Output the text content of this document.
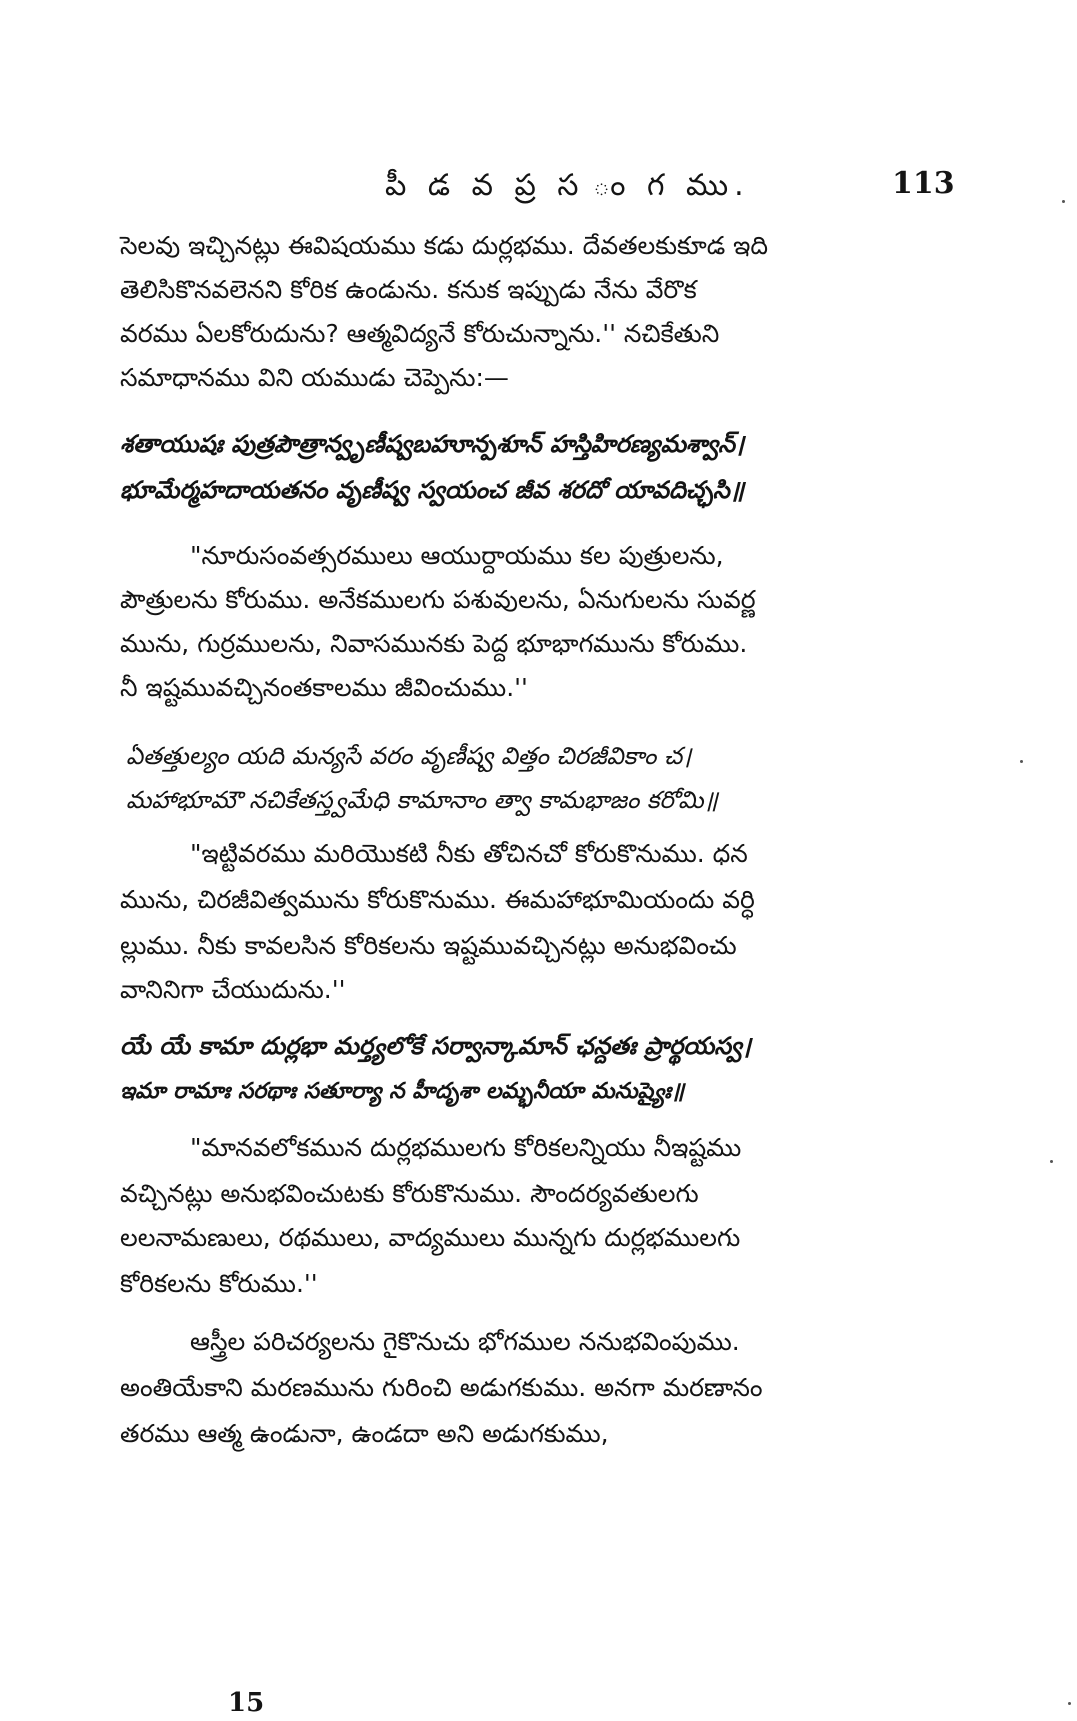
పీ డ వ ప్ర స ం గ ము.	113
సెలవు ఇచ్చినట్లు ఈవిషయము కడు దుర్లభము. దేవతలకుకూడ ఇది
తెలిసికొనవలెనని కోరిక ఉండును. కనుక ఇప్పుడు నేను వేరొక
వరము ఏలకోరుదును? ఆత్మవిద్యనే కోరుచున్నాను.'' నచికేతుని
సమాధానము విని యముడు చెప్పెను:—
శతాయుషః పుత్రపౌత్రాన్వృణీష్వబహూన్పశూన్ హస్తిహిరణ్యమశ్వాన్।
భూమేర్మహదాయతనం వృణీష్వ స్వయంచ జీవ శరదో యావదిచ్ఛసి॥
"నూరుసంవత్సరములు ఆయుర్దాయము కల పుత్రులను,
పౌత్రులను కోరుము. అనేకములగు పశువులను, ఏనుగులను సువర్ణ
మును, గుర్రములను, నివాసమునకు పెద్ద భూభాగమును కోరుము.
నీ ఇష్టమువచ్చినంతకాలము జీవించుము.''
ఏతత్తుల్యం యది మన్యసే వరం వృణీష్వ విత్తం చిరజీవికాం చ।
మహాభూమౌ నచికేతస్త్వమేధి కామానాం త్వా కామభాజం కరోమి॥
"ఇట్టివరము మరియొకటి నీకు తోచినచో కోరుకొనుము. ధన
మును, చిరజీవిత్వమును కోరుకొనుము. ఈమహాభూమియందు వర్ధి
ల్లుము. నీకు కావలసిన కోరికలను ఇష్టమువచ్చినట్లు అనుభవించు
వానినిగా చేయుదును.''
యే యే కామా దుర్లభా మర్త్యలోకే సర్వాన్కామాన్ ఛన్దతః ప్రార్థయస్వ।
ఇమా రామాః సరథాః సతూర్యా న హీదృశా లమ్భనీయా మనుష్యైః॥
"మానవలోకమున దుర్లభములగు కోరికలన్నియు నీఇష్టము
వచ్చినట్లు అనుభవించుటకు కోరుకొనుము. సౌందర్యవతులగు
లలనామణులు, రథములు, వాద్యములు మున్నగు దుర్లభములగు
కోరికలను కోరుము.''
ఆస్త్రీల పరిచర్యలను గైకొనుచు భోగముల ననుభవింపుము.
అంతియేకాని మరణమును గురించి అడుగకుము. అనగా మరణానం
తరము ఆత్మ ఉండునా, ఉండదా అని అడుగకుము,
15
